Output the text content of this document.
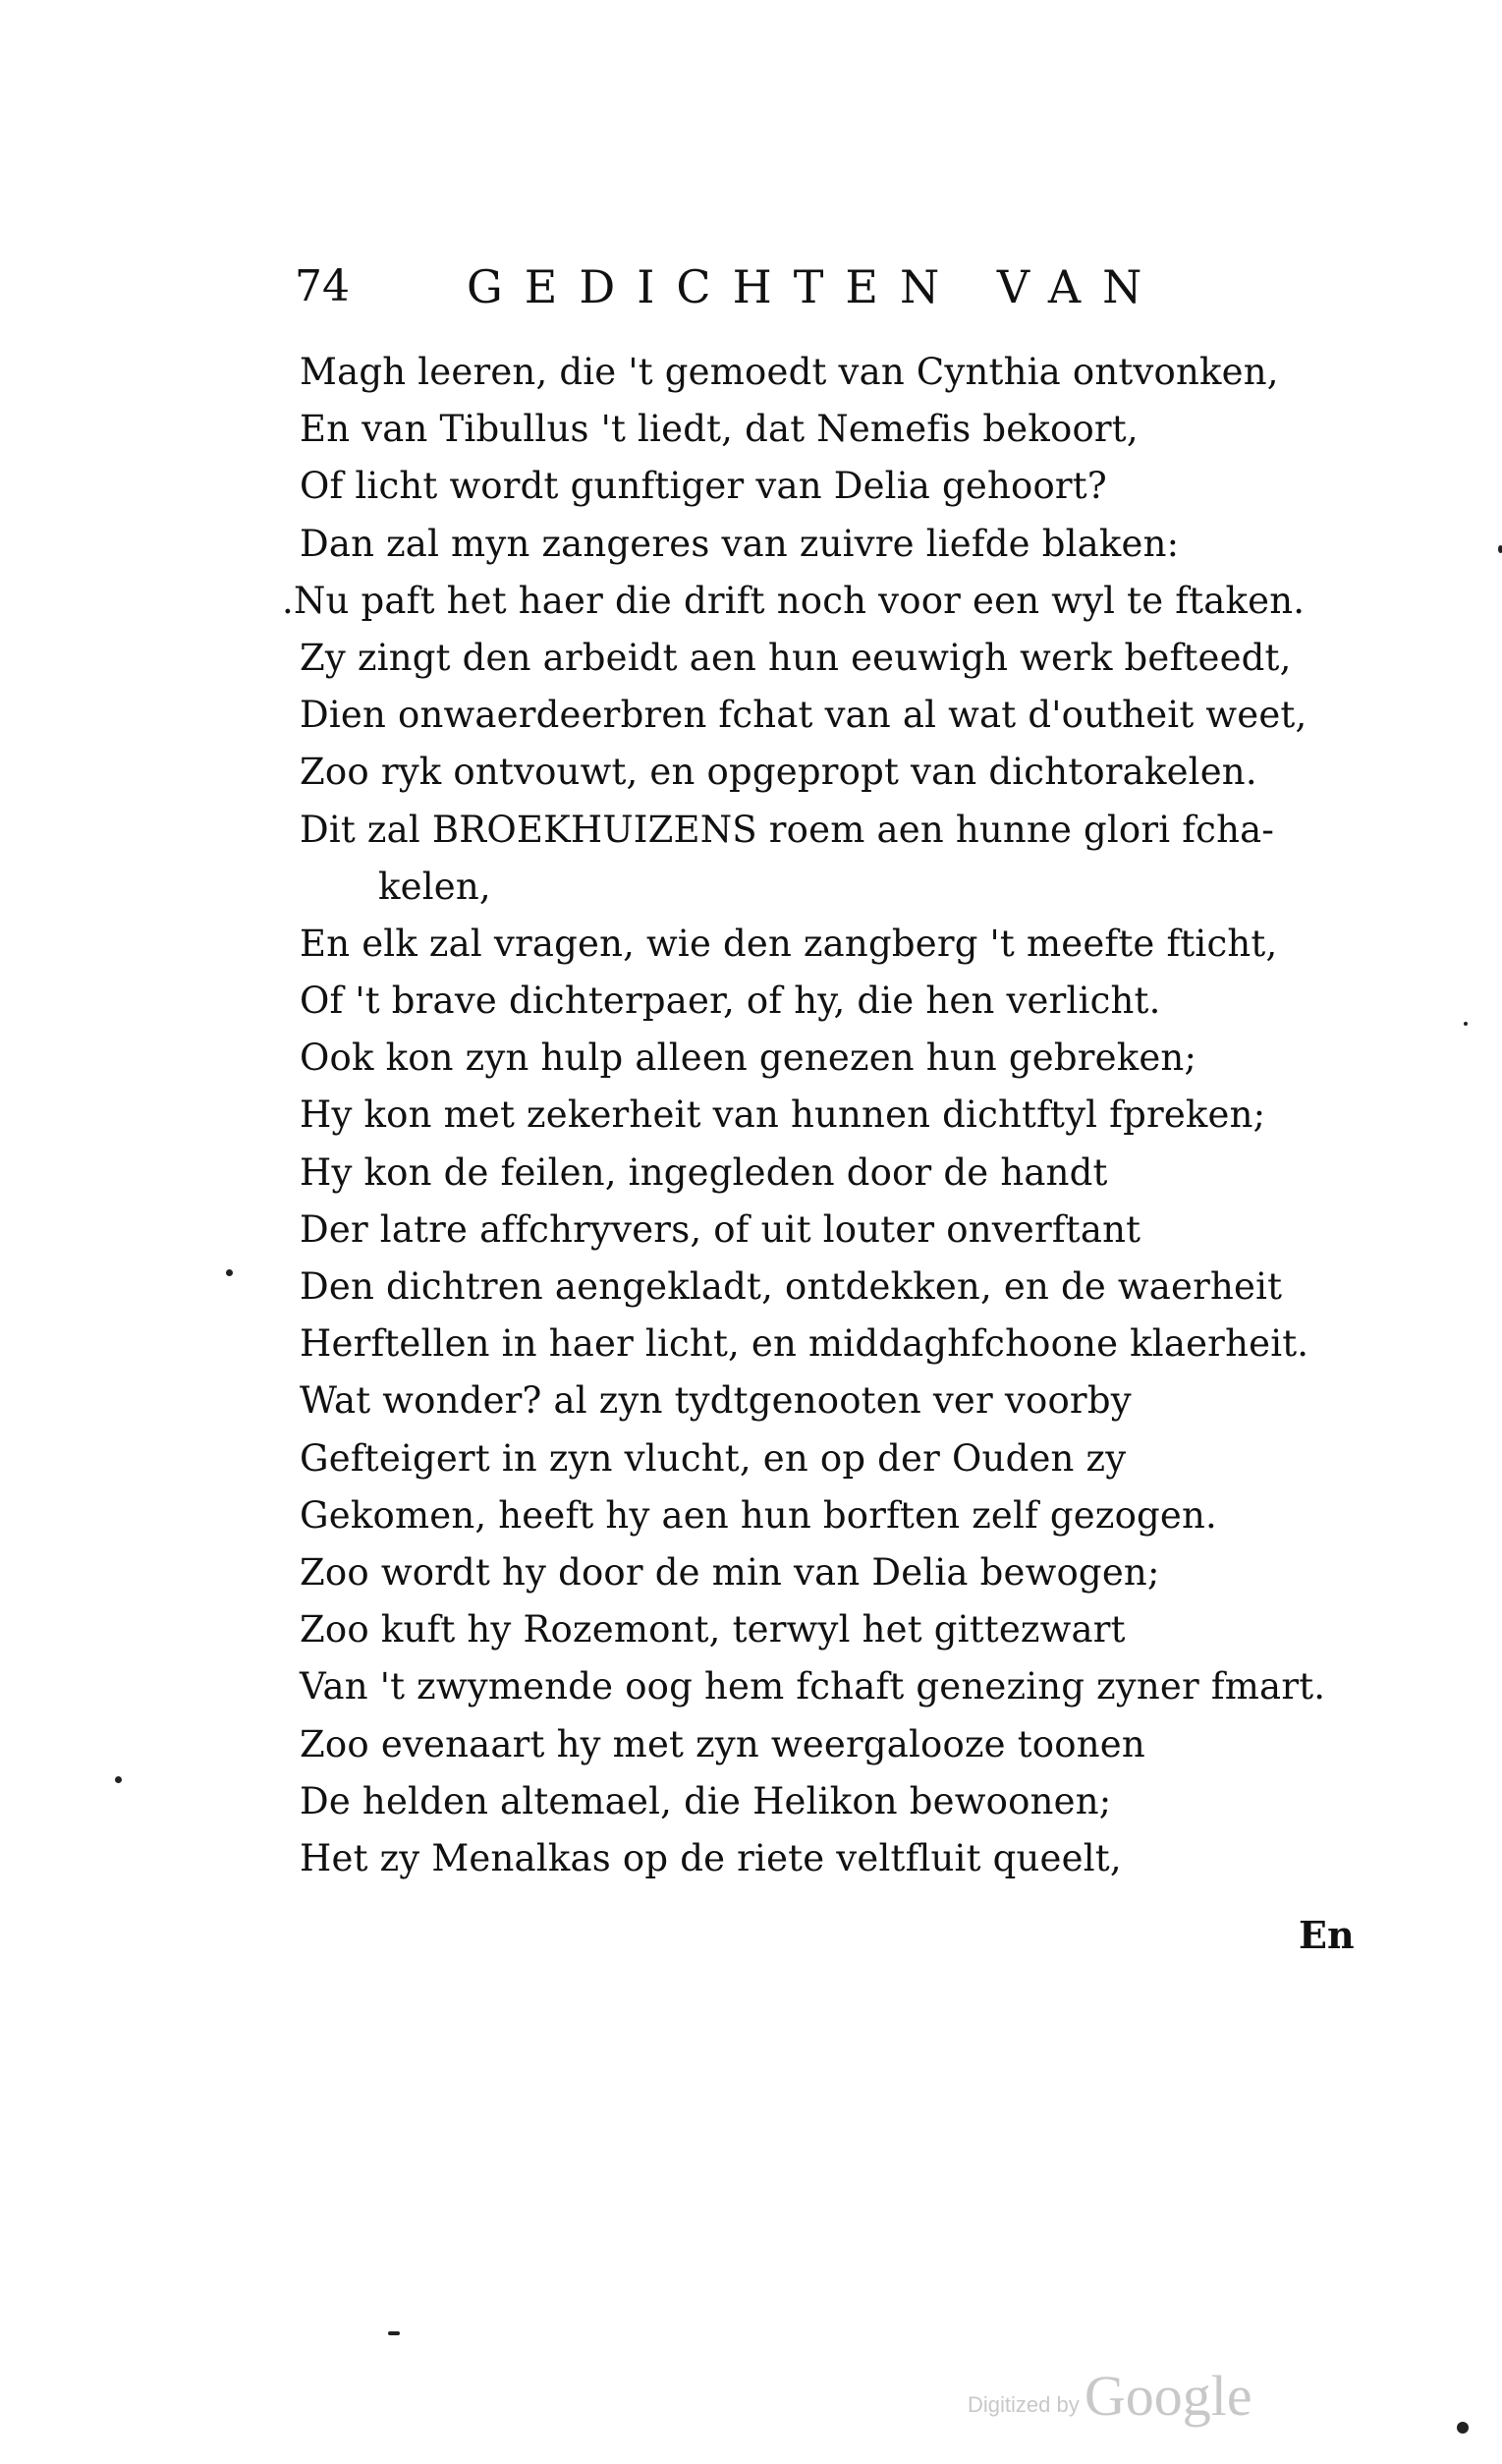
74	GEDICHTEN VAN
Magh leeren, die 't gemoedt van Cynthia ontvonken,
En van Tibullus 't liedt, dat Nemefis bekoort,
Of licht wordt gunftiger van Delia gehoort?
Dan zal myn zangeres van zuivre liefde blaken:
.Nu paft het haer die drift noch voor een wyl te ftaken.
Zy zingt den arbeidt aen hun eeuwigh werk befteedt,
Dien onwaerdeerbren fchat van al wat d'outheit weet,
Zoo ryk ontvouwt, en opgepropt van dichtorakelen.
Dit zal BROEKHUIZENS roem aen hunne glori fcha-
kelen,
En elk zal vragen, wie den zangberg 't meefte fticht,
Of 't brave dichterpaer, of hy, die hen verlicht.
Ook kon zyn hulp alleen genezen hun gebreken;
Hy kon met zekerheit van hunnen dichtftyl fpreken;
Hy kon de feilen, ingegleden door de handt
Der latre affchryvers, of uit louter onverftant
Den dichtren aengekladt, ontdekken, en de waerheit
Herftellen in haer licht, en middaghfchoone klaerheit.
Wat wonder? al zyn tydtgenooten ver voorby
Gefteigert in zyn vlucht, en op der Ouden zy
Gekomen, heeft hy aen hun borften zelf gezogen.
Zoo wordt hy door de min van Delia bewogen;
Zoo kuft hy Rozemont, terwyl het gittezwart
Van 't zwymende oog hem fchaft genezing zyner fmart.
Zoo evenaart hy met zyn weergalooze toonen
De helden altemael, die Helikon bewoonen;
Het zy Menalkas op de riete veltfluit queelt,
En
Digitized by Google
